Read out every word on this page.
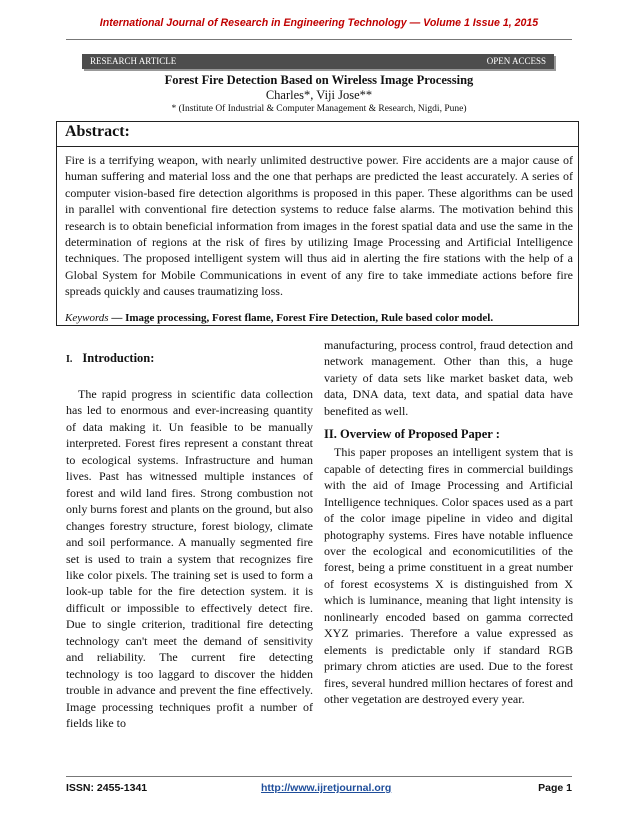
International Journal of Research in Engineering Technology — Volume 1 Issue 1, 2015
RESEARCH ARTICLE	OPEN ACCESS
Forest Fire Detection Based on Wireless Image Processing
Charles*, Viji Jose**
* (Institute Of Industrial & Computer Management & Research, Nigdi, Pune)
Abstract:

Fire is a terrifying weapon, with nearly unlimited destructive power. Fire accidents are a major cause of human suffering and material loss and the one that perhaps are predicted the least accurately. A series of computer vision-based fire detection algorithms is proposed in this paper. These algorithms can be used in parallel with conventional fire detection systems to reduce false alarms. The motivation behind this research is to obtain beneficial information from images in the forest spatial data and use the same in the determination of regions at the risk of fires by utilizing Image Processing and Artificial Intelligence techniques. The proposed intelligent system will thus aid in alerting the fire stations with the help of a Global System for Mobile Communications in event of any fire to take immediate actions before fire spreads quickly and causes traumatizing loss.

Keywords — Image processing, Forest flame, Forest Fire Detection, Rule based color model.
I. Introduction:

The rapid progress in scientific data collection has led to enormous and ever-increasing quantity of data making it. Un feasible to be manually interpreted. Forest fires represent a constant threat to ecological systems. Infrastructure and human lives. Past has witnessed multiple instances of forest and wild land fires. Strong combustion not only burns forest and plants on the ground, but also changes forestry structure, forest biology, climate and soil performance. A manually segmented fire set is used to train a system that recognizes fire like color pixels. The training set is used to form a look-up table for the fire detection system. it is difficult or impossible to effectively detect fire. Due to single criterion, traditional fire detecting technology can't meet the demand of sensitivity and reliability. The current fire detecting technology is too laggard to discover the hidden trouble in advance and prevent the fine effectively. Image processing techniques profit a number of fields like to

manufacturing, process control, fraud detection and network management. Other than this, a huge variety of data sets like market basket data, web data, DNA data, text data, and spatial data have benefited as well.

II. Overview of Proposed Paper :

This paper proposes an intelligent system that is capable of detecting fires in commercial buildings with the aid of Image Processing and Artificial Intelligence techniques. Color spaces used as a part of the color image pipeline in video and digital photography systems. Fires have notable influence over the ecological and economicutilities of the forest, being a prime constituent in a great number of forest ecosystems X is distinguished from X which is luminance, meaning that light intensity is nonlinearly encoded based on gamma corrected XYZ primaries. Therefore a value expressed as elements is predictable only if standard RGB primary chrom aticties are used. Due to the forest fires, several hundred million hectares of forest and other vegetation are destroyed every year.

ISSN: 2455-1341	http://www.ijretjournal.org	Page 1
